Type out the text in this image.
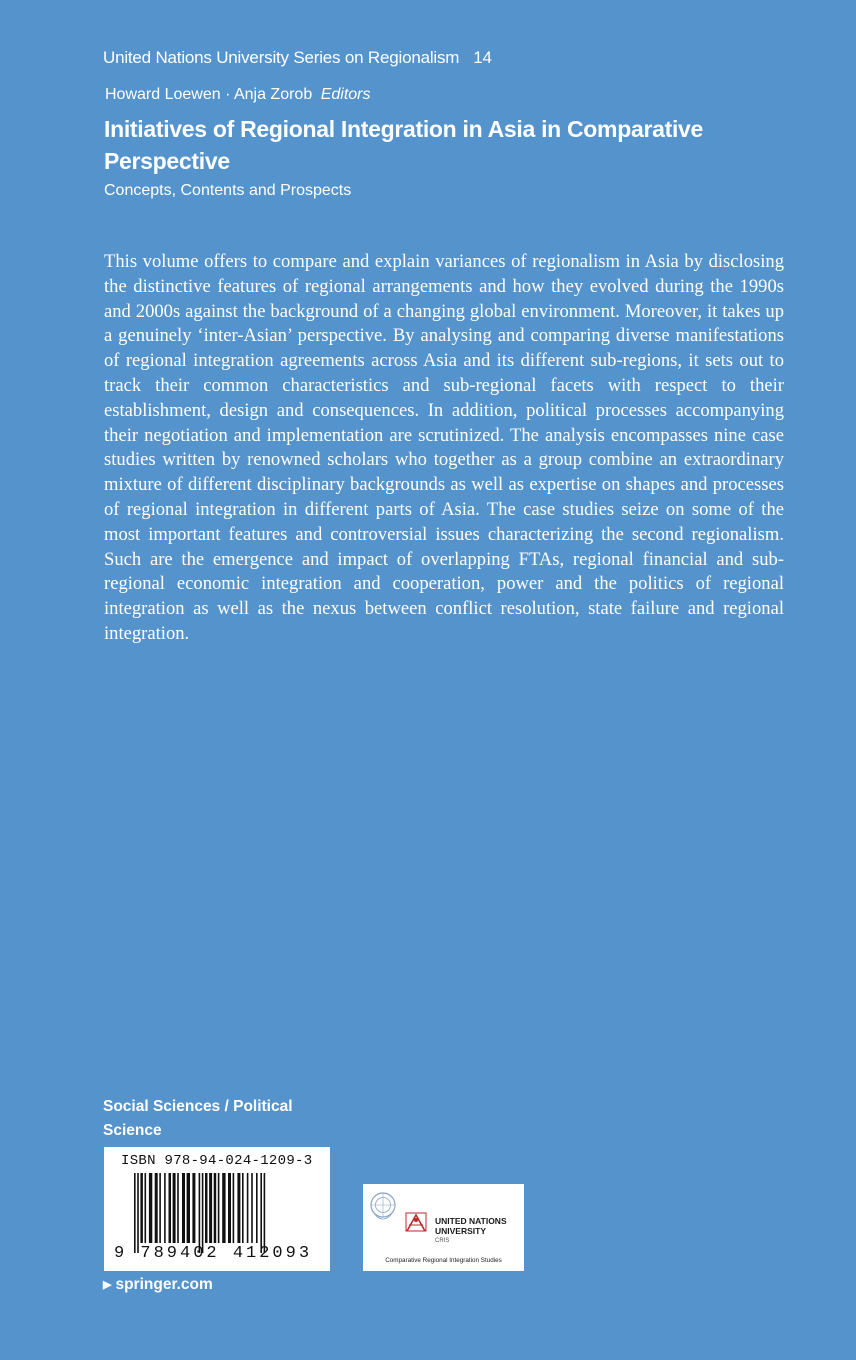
United Nations University Series on Regionalism 14
Howard Loewen · Anja Zorob Editors
Initiatives of Regional Integration in Asia in Comparative Perspective
Concepts, Contents and Prospects

This volume offers to compare and explain variances of regionalism in Asia by disclosing the distinctive features of regional arrangements and how they evolved during the 1990s and 2000s against the background of a changing global environment. Moreover, it takes up a genuinely ‘inter-Asian’ perspective. By analysing and comparing diverse manifestations of regional integration agreements across Asia and its different sub-regions, it sets out to track their common characteristics and sub-regional facets with respect to their establishment, design and consequences. In addition, political processes accompanying their negotiation and implementation are scrutinized. The analysis encompasses nine case studies written by renowned scholars who together as a group combine an extraordinary mixture of different disciplinary backgrounds as well as expertise on shapes and processes of regional integration in different parts of Asia. The case studies seize on some of the most important features and controversial issues characterizing the second regionalism. Such are the emergence and impact of overlapping FTAs, regional financial and sub-regional economic integration and cooperation, power and the politics of regional integration as well as the nexus between conflict resolution, state failure and regional integration.

Social Sciences / Political Science
ISBN 978-94-024-1209-3
9 789402 412093
UNITED NATIONS
UNIVERSITY
CRIS
Comparative Regional Integration Studies
▶ springer.com
